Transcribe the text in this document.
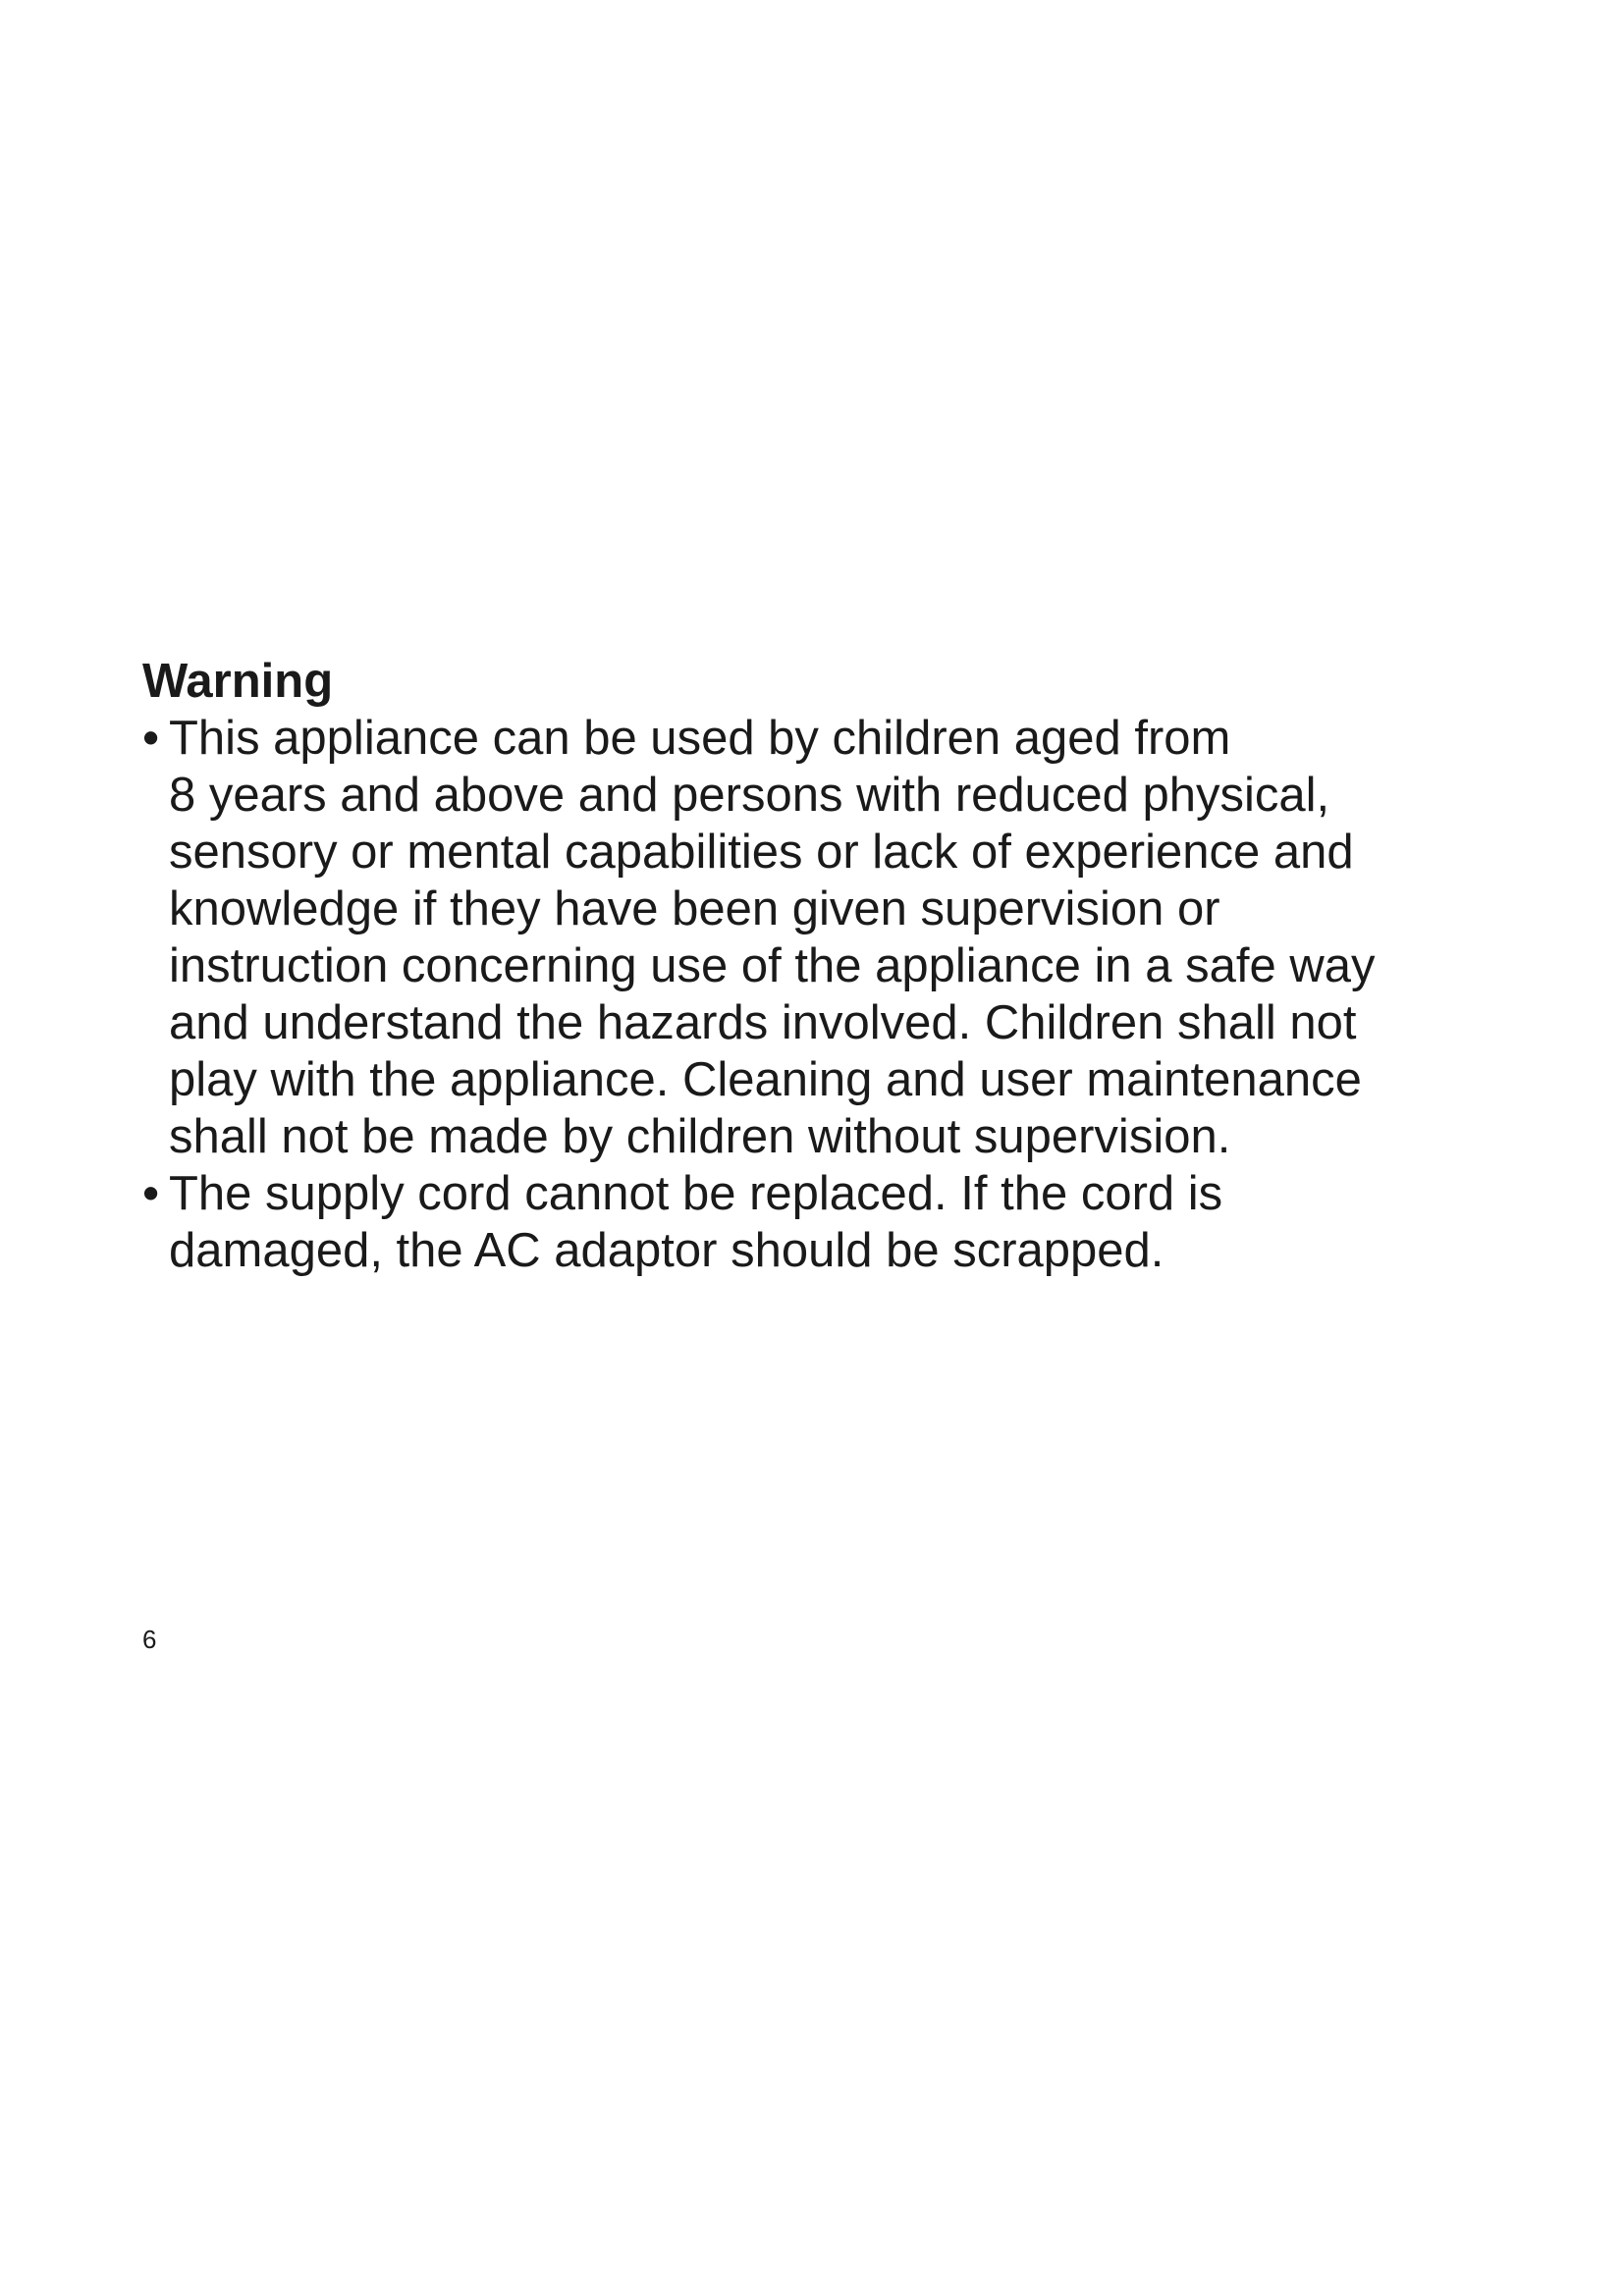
Warning
• This appliance can be used by children aged from
8 years and above and persons with reduced physical,
sensory or mental capabilities or lack of experience and
knowledge if they have been given supervision or
instruction concerning use of the appliance in a safe way
and understand the hazards involved. Children shall not
play with the appliance. Cleaning and user maintenance
shall not be made by children without supervision.
• The supply cord cannot be replaced. If the cord is
damaged, the AC adaptor should be scrapped.
6
